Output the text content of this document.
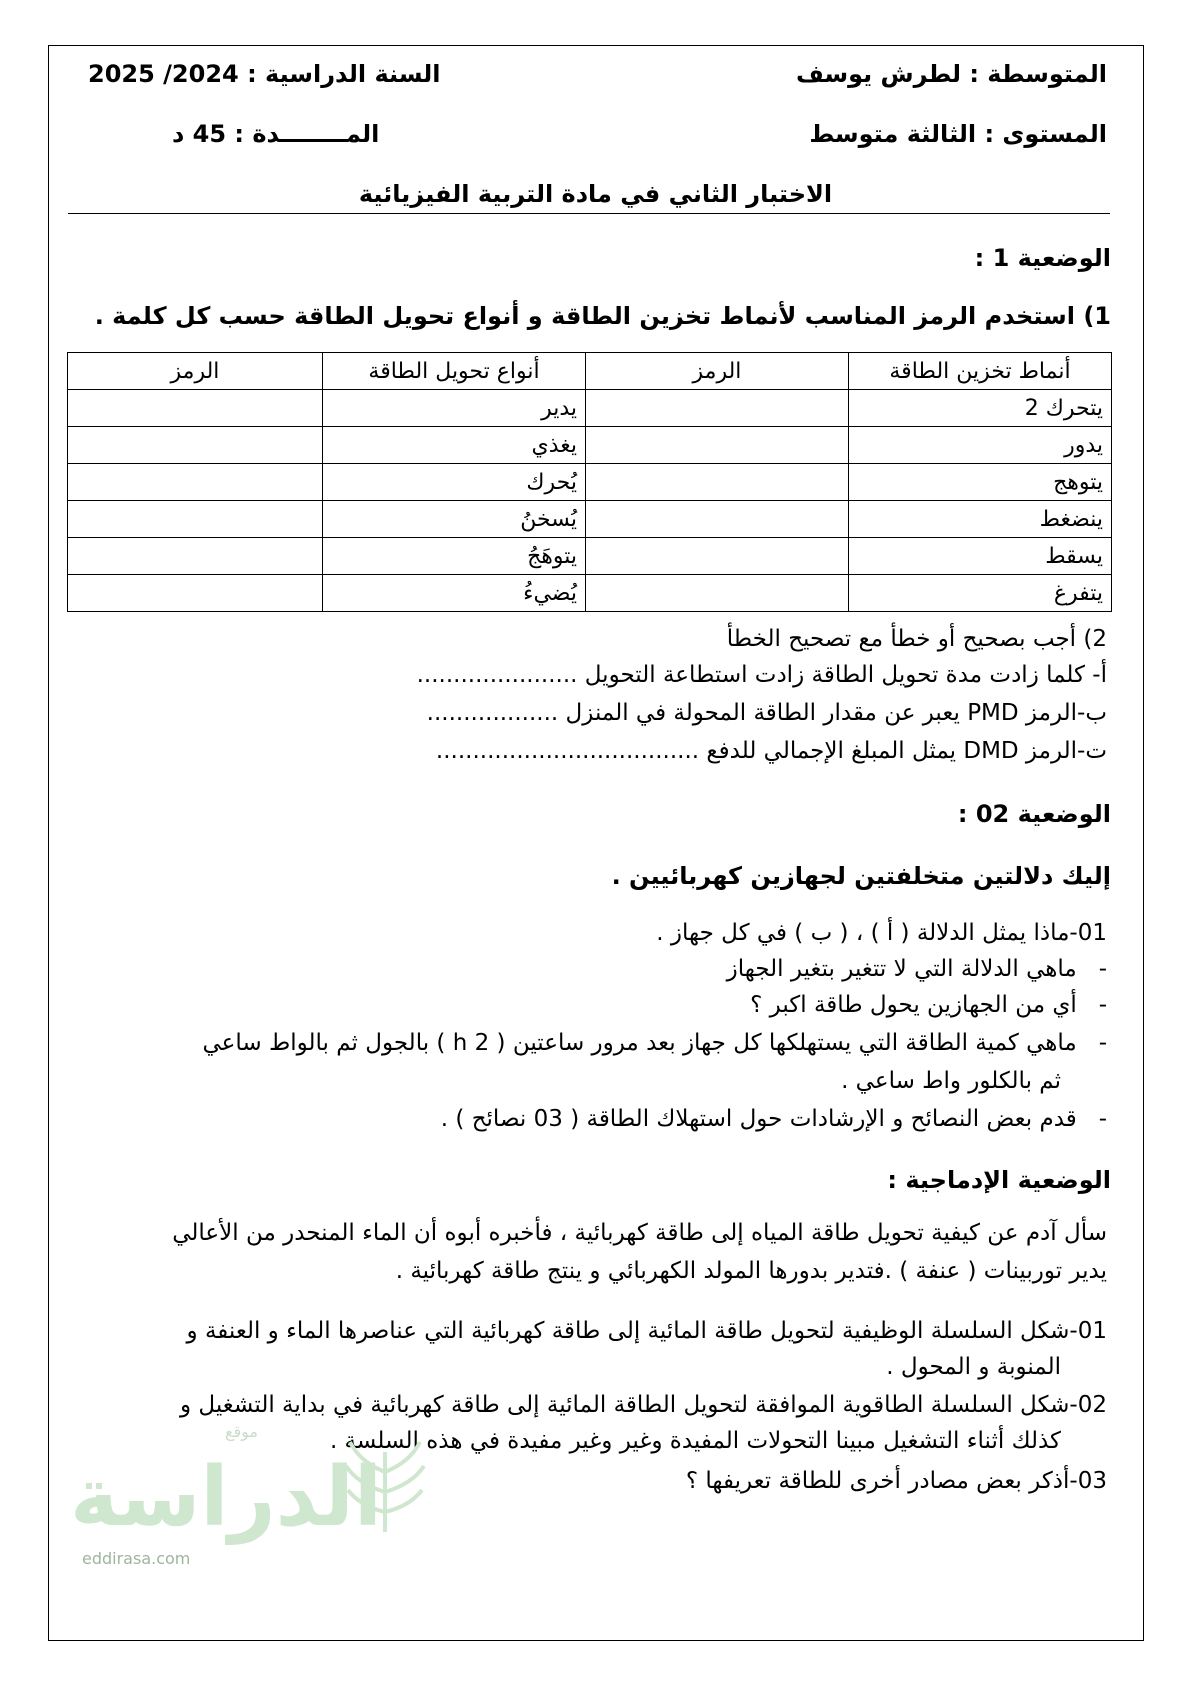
المتوسطة : لطرش يوسف
السنة الدراسية : 2024/ 2025
المستوى : الثالثة متوسط
المــــــــدة : 45 د
الاختبار الثاني في مادة التربية الفيزيائية
الوضعية 1 :
1) استخدم الرمز المناسب لأنماط تخزين الطاقة و أنواع تحويل الطاقة حسب كل كلمة .
أنماط تخزين الطاقة	الرمز	أنواع تحويل الطاقة	الرمز
يتحرك 2		يدير	
يدور		يغذي	
يتوهج		يُحرك	
ينضغط		يُسخنُ	
يسقط		يتوهَجُ	
يتفرغ		يُضيءُ	
2) أجب بصحيح أو خطأ مع تصحيح الخطأ
أ- كلما زادت مدة تحويل الطاقة زادت استطاعة التحويل ......................
ب-الرمز PMD يعبر عن مقدار الطاقة المحولة في المنزل ..................
ت-الرمز DMD يمثل المبلغ الإجمالي للدفع ....................................
الوضعية 02 :
إليك دلالتين متخلفتين لجهازين كهربائيين .
01-ماذا يمثل الدلالة ( أ ) ، ( ب ) في كل جهاز .
-   ماهي الدلالة التي لا تتغير بتغير الجهاز
-   أي من الجهازين يحول طاقة اكبر ؟
-   ماهي كمية الطاقة التي يستهلكها كل جهاز بعد مرور ساعتين ( 2 h ) بالجول ثم بالواط ساعي
ثم بالكلور واط ساعي .
-   قدم بعض النصائح و الإرشادات حول استهلاك الطاقة ( 03 نصائح ) .
الوضعية الإدماجية :
سأل آدم عن كيفية تحويل طاقة المياه إلى طاقة كهربائية ، فأخبره أبوه أن الماء المنحدر من الأعالي
يدير توربينات ( عنفة ) .فتدير بدورها المولد الكهربائي و ينتج طاقة كهربائية .
01-شكل السلسلة الوظيفية لتحويل طاقة المائية إلى طاقة كهربائية التي عناصرها الماء و العنفة و
المنوبة و المحول .
02-شكل السلسلة الطاقوية الموافقة لتحويل الطاقة المائية إلى طاقة كهربائية في بداية التشغيل و
كذلك أثناء التشغيل مبينا التحولات المفيدة وغير وغير مفيدة في هذه السلسة .
03-أذكر بعض مصادر أخرى للطاقة تعريفها ؟
موقع
الدراسة
eddirasa.com
